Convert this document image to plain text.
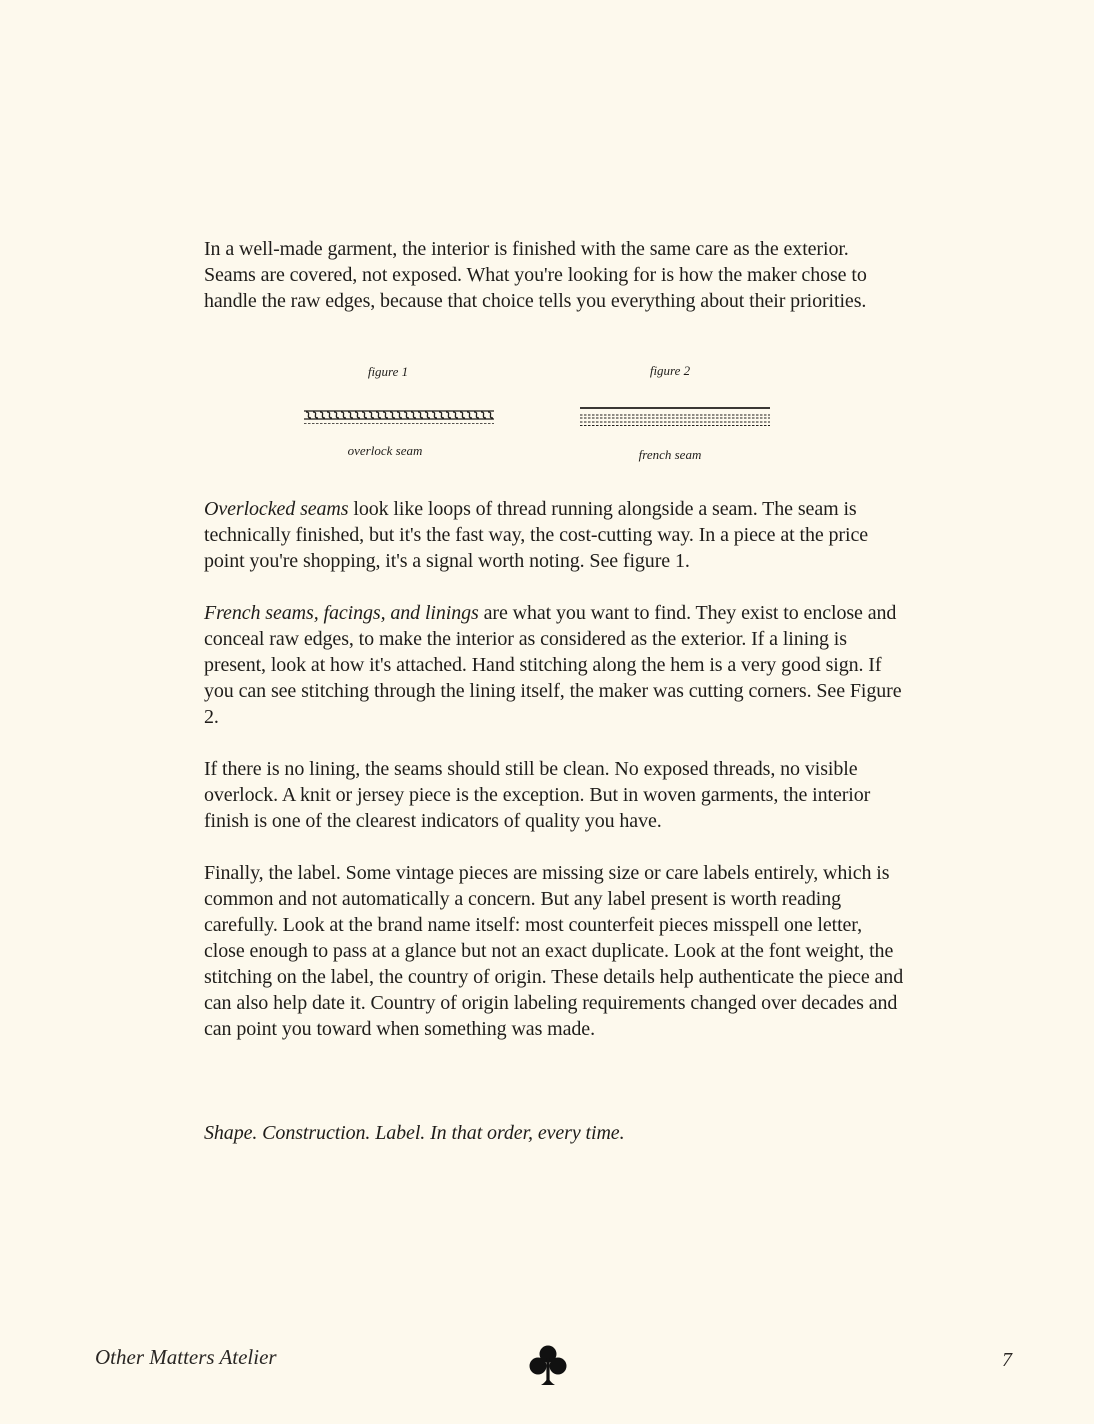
In a well-made garment, the interior is finished with the same care as the exterior. Seams are covered, not exposed. What you're looking for is how the maker chose to handle the raw edges, because that choice tells you everything about their priorities.

figure 1	figure 2
overlock seam	french seam

Overlocked seams look like loops of thread running alongside a seam. The seam is technically finished, but it's the fast way, the cost-cutting way. In a piece at the price point you're shopping, it's a signal worth noting. See figure 1.

French seams, facings, and linings are what you want to find. They exist to enclose and conceal raw edges, to make the interior as considered as the exterior. If a lining is present, look at how it's attached. Hand stitching along the hem is a very good sign. If you can see stitching through the lining itself, the maker was cutting corners. See Figure 2.

If there is no lining, the seams should still be clean. No exposed threads, no visible overlock. A knit or jersey piece is the exception. But in woven garments, the interior finish is one of the clearest indicators of quality you have.

Finally, the label. Some vintage pieces are missing size or care labels entirely, which is common and not automatically a concern. But any label present is worth reading carefully. Look at the brand name itself: most counterfeit pieces misspell one letter, close enough to pass at a glance but not an exact duplicate. Look at the font weight, the stitching on the label, the country of origin. These details help authenticate the piece and can also help date it. Country of origin labeling requirements changed over decades and can point you toward when something was made.

Shape. Construction. Label. In that order, every time.

Other Matters Atelier	7
